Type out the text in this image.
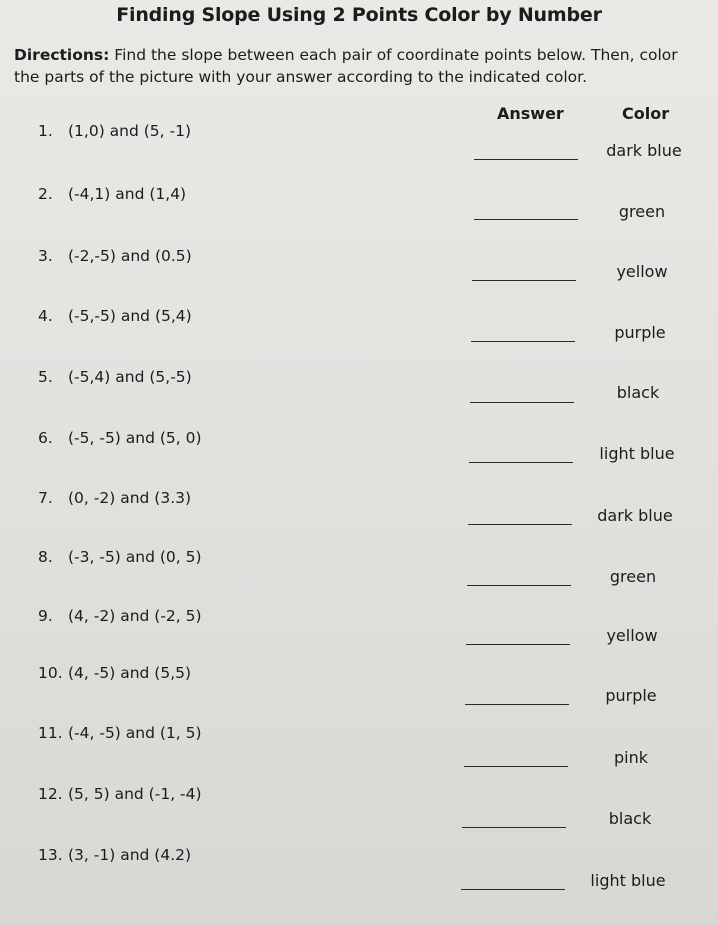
Finding Slope Using 2 Points Color by Number
Directions: Find the slope between each pair of coordinate points below. Then, color the parts of the picture with your answer according to the indicated color.
Answer	Color
1. (1,0) and (5, -1)
dark blue
2. (-4,1) and (1,4)
green
3. (-2,-5) and (0.5)
yellow
4. (-5,-5) and (5,4)
purple
5. (-5,4) and (5,-5)
black
6. (-5, -5) and (5, 0)
light blue
7. (0, -2) and (3.3)
dark blue
8. (-3, -5) and (0, 5)
green
9. (4, -2) and (-2, 5)
yellow
10. (4, -5) and (5,5)
purple
11. (-4, -5) and (1, 5)
pink
12. (5, 5) and (-1, -4)
black
13. (3, -1) and (4.2)
light blue
